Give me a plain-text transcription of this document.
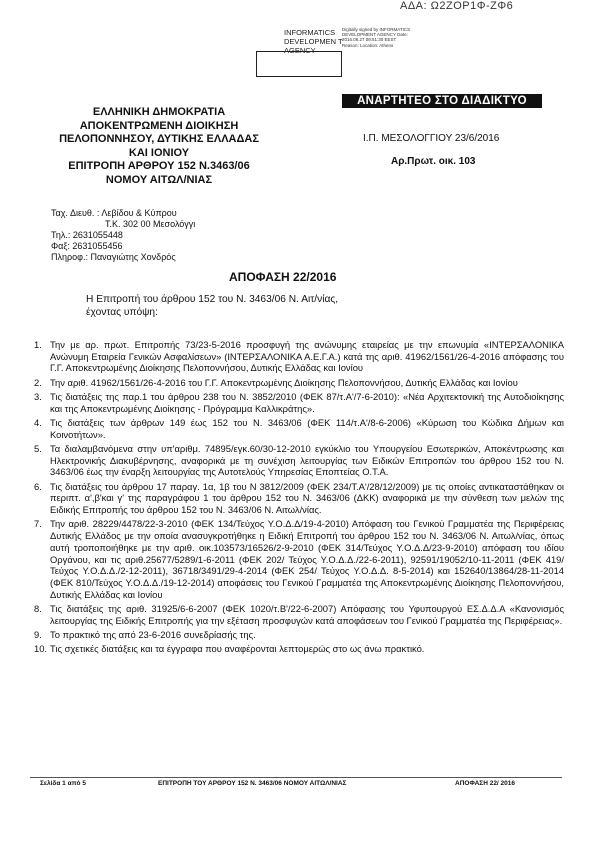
ΑΔΑ: Ω2ΖΟΡ1Φ-ΖΦ6
INFORMATICS DEVELOPMEN T AGENCY
Digitally signed by INFORMATICS DEVELOPMENT AGENCY Date: 2016.06.27 09:51:30 EEST Reason: Location: Athens
ΑΝΑΡΤΗΤΕΟ ΣΤΟ ΔΙΑΔΙΚΤΥΟ
ΕΛΛΗΝΙΚΗ ΔΗΜΟΚΡΑΤΙΑ
ΑΠΟΚΕΝΤΡΩΜΕΝΗ ΔΙΟΙΚΗΣΗ
ΠΕΛΟΠΟΝΝΗΣΟΥ, ΔΥΤΙΚΗΣ ΕΛΛΑΔΑΣ
ΚΑΙ ΙΟΝΙΟΥ
ΕΠΙΤΡΟΠΗ ΑΡΘΡΟΥ 152 Ν.3463/06
ΝΟΜΟΥ ΑΙΤΩΛ/ΝΙΑΣ
Ι.Π. ΜΕΣΟΛΟΓΓΙΟΥ 23/6/2016
Αρ.Πρωτ. οικ. 103
Ταχ. Διευθ. : Λεβίδου & Κύπρου
Τ.Κ. 302 00 Μεσολόγγι
Τηλ.: 2631055448
Φαξ: 2631055456
Πληροφ.: Παναγιώτης Χονδρός
ΑΠΟΦΑΣΗ 22/2016
Η Επιτροπή του άρθρου 152 του Ν. 3463/06 Ν. Αιτ/νίας,
έχοντας υπόψη:
1. Την με αρ. πρωτ. Επιτροπής 73/23-5-2016 προσφυγή της ανώνυμης εταιρείας με την επωνυμία «ΙΝΤΕΡΣΑΛΟΝΙΚΑ Ανώνυμη Εταιρεία Γενικών Ασφαλίσεων» (ΙΝΤΕΡΣΑΛΟΝΙΚΑ Α.Ε.Γ.Α.) κατά της αριθ. 41962/1561/26-4-2016 απόφασης του Γ.Γ. Αποκεντρωμένης Διοίκησης Πελοποννήσου, Δυτικής Ελλάδας και Ιονίου
2. Την αριθ. 41962/1561/26-4-2016 του Γ.Γ. Αποκεντρωμένης Διοίκησης Πελοποννήσου, Δυτικής Ελλάδας και Ιονίου
3. Τις διατάξεις της παρ.1 του άρθρου 238 του Ν. 3852/2010 (ΦΕΚ 87/τ.Α'/7-6-2010): «Νέα Αρχιτεκτονική της Αυτοδιοίκησης και της Αποκεντρωμένης Διοίκησης - Πρόγραμμα Καλλικράτης».
4. Τις διατάξεις των άρθρων 149 έως 152 του Ν. 3463/06 (ΦΕΚ 114/τ.Α'/8-6-2006) «Κύρωση του Κώδικα Δήμων και Κοινοτήτων».
5. Τα διαλαμβανόμενα στην υπ'αριθμ. 74895/εγκ.60/30-12-2010 εγκύκλιο του Υπουργείου Εσωτερικών, Αποκέντρωσης και Ηλεκτρονικής Διακυβέρνησης, αναφορικά με τη συνέχιση λειτουργίας των Ειδικών Επιτροπών του άρθρου 152 του Ν. 3463/06 έως την έναρξη λειτουργίας της Αυτοτελούς Υπηρεσίας Εποπτείας Ο.Τ.Α.
6. Τις διατάξεις του άρθρου 17 παραγ. 1α, 1β του Ν 3812/2009 (ΦΕΚ 234/Τ.Α'/28/12/2009) με τις οποίες αντικαταστάθηκαν οι περιπτ. α',β'και γ' της παραγράφου 1 του άρθρου 152 του Ν. 3463/06 (ΔΚΚ) αναφορικά με την σύνθεση των μελών της Ειδικής Επιτροπής του άρθρου 152 του Ν. 3463/06 Ν. Αιτωλ/νίας.
7. Την αριθ. 28229/4478/22-3-2010 (ΦΕΚ 134/Τεύχος Υ.Ο.Δ.Δ/19-4-2010) Απόφαση του Γενικού Γραμματέα της Περιφέρειας Δυτικής Ελλάδος με την οποία ανασυγκροτήθηκε η Ειδική Επιτροπή του άρθρου 152 του Ν. 3463/06 Ν. Αιτωλ/νίας, όπως αυτή τροποποιήθηκε με την αριθ. οικ.103573/16526/2-9-2010 (ΦΕΚ 314/Τεύχος Υ.Ο.Δ.Δ/23-9-2010) απόφαση του ιδίου Οργάνου, και τις αριθ.25677/5289/1-6-2011 (ΦΕΚ 202/ Τεύχος Υ.Ο.Δ.Δ./22-6-2011), 92591/19052/10-11-2011 (ΦΕΚ 419/ Τεύχος Υ.Ο.Δ.Δ./2-12-2011), 36718/3491/29-4-2014 (ΦΕΚ 254/ Τεύχος Υ.Ο.Δ.Δ. 8-5-2014) και 152640/13864/28-11-2014 (ΦΕΚ 810/Τεύχος Υ.Ο.Δ.Δ./19-12-2014) αποφάσεις του Γενικού Γραμματέα της Αποκεντρωμένης Διοίκησης Πελοποννήσου, Δυτικής Ελλάδας και Ιονίου
8. Τις διατάξεις της αριθ. 31925/6-6-2007 (ΦΕΚ 1020/τ.Β'/22-6-2007) Απόφασης του Υφυπουργού ΕΣ.Δ.Δ.Α «Κανονισμός λειτουργίας της Ειδικής Επιτροπής για την εξέταση προσφυγών κατά αποφάσεων του Γενικού Γραμματέα της Περιφέρειας».
9. Το πρακτικό της από 23-6-2016 συνεδρίασής της.
10. Τις σχετικές διατάξεις και τα έγγραφα που αναφέρονται λεπτομερώς στο ως άνω πρακτικό.
Σελίδα 1 από 5	ΕΠΙΤΡΟΠΗ ΤΟΥ ΑΡΘΡΟΥ 152 Ν. 3463/06 ΝΟΜΟΥ ΑΙΤΩΛ/ΝΙΑΣ	ΑΠΟΦΑΣΗ 22/ 2016
